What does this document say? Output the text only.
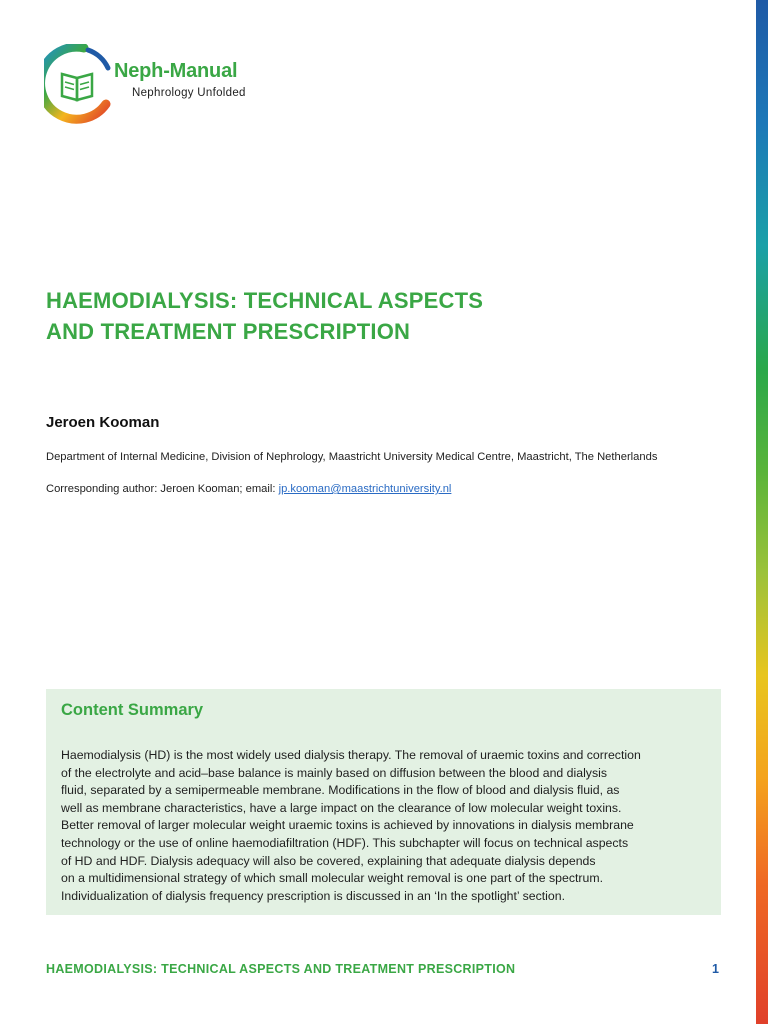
Neph-Manual
Nephrology Unfolded
HAEMODIALYSIS: TECHNICAL ASPECTS
AND TREATMENT PRESCRIPTION
Jeroen Kooman
Department of Internal Medicine, Division of Nephrology, Maastricht University Medical Centre, Maastricht, The Netherlands
Corresponding author: Jeroen Kooman; email: jp.kooman@maastrichtuniversity.nl
Content Summary
Haemodialysis (HD) is the most widely used dialysis therapy. The removal of uraemic toxins and correction
of the electrolyte and acid–base balance is mainly based on diffusion between the blood and dialysis
fluid, separated by a semipermeable membrane. Modifications in the flow of blood and dialysis fluid, as
well as membrane characteristics, have a large impact on the clearance of low molecular weight toxins.
Better removal of larger molecular weight uraemic toxins is achieved by innovations in dialysis membrane
technology or the use of online haemodiafiltration (HDF). This subchapter will focus on technical aspects
of HD and HDF. Dialysis adequacy will also be covered, explaining that adequate dialysis depends
on a multidimensional strategy of which small molecular weight removal is one part of the spectrum.
Individualization of dialysis frequency prescription is discussed in an ‘In the spotlight’ section.
HAEMODIALYSIS: TECHNICAL ASPECTS AND TREATMENT PRESCRIPTION	1
